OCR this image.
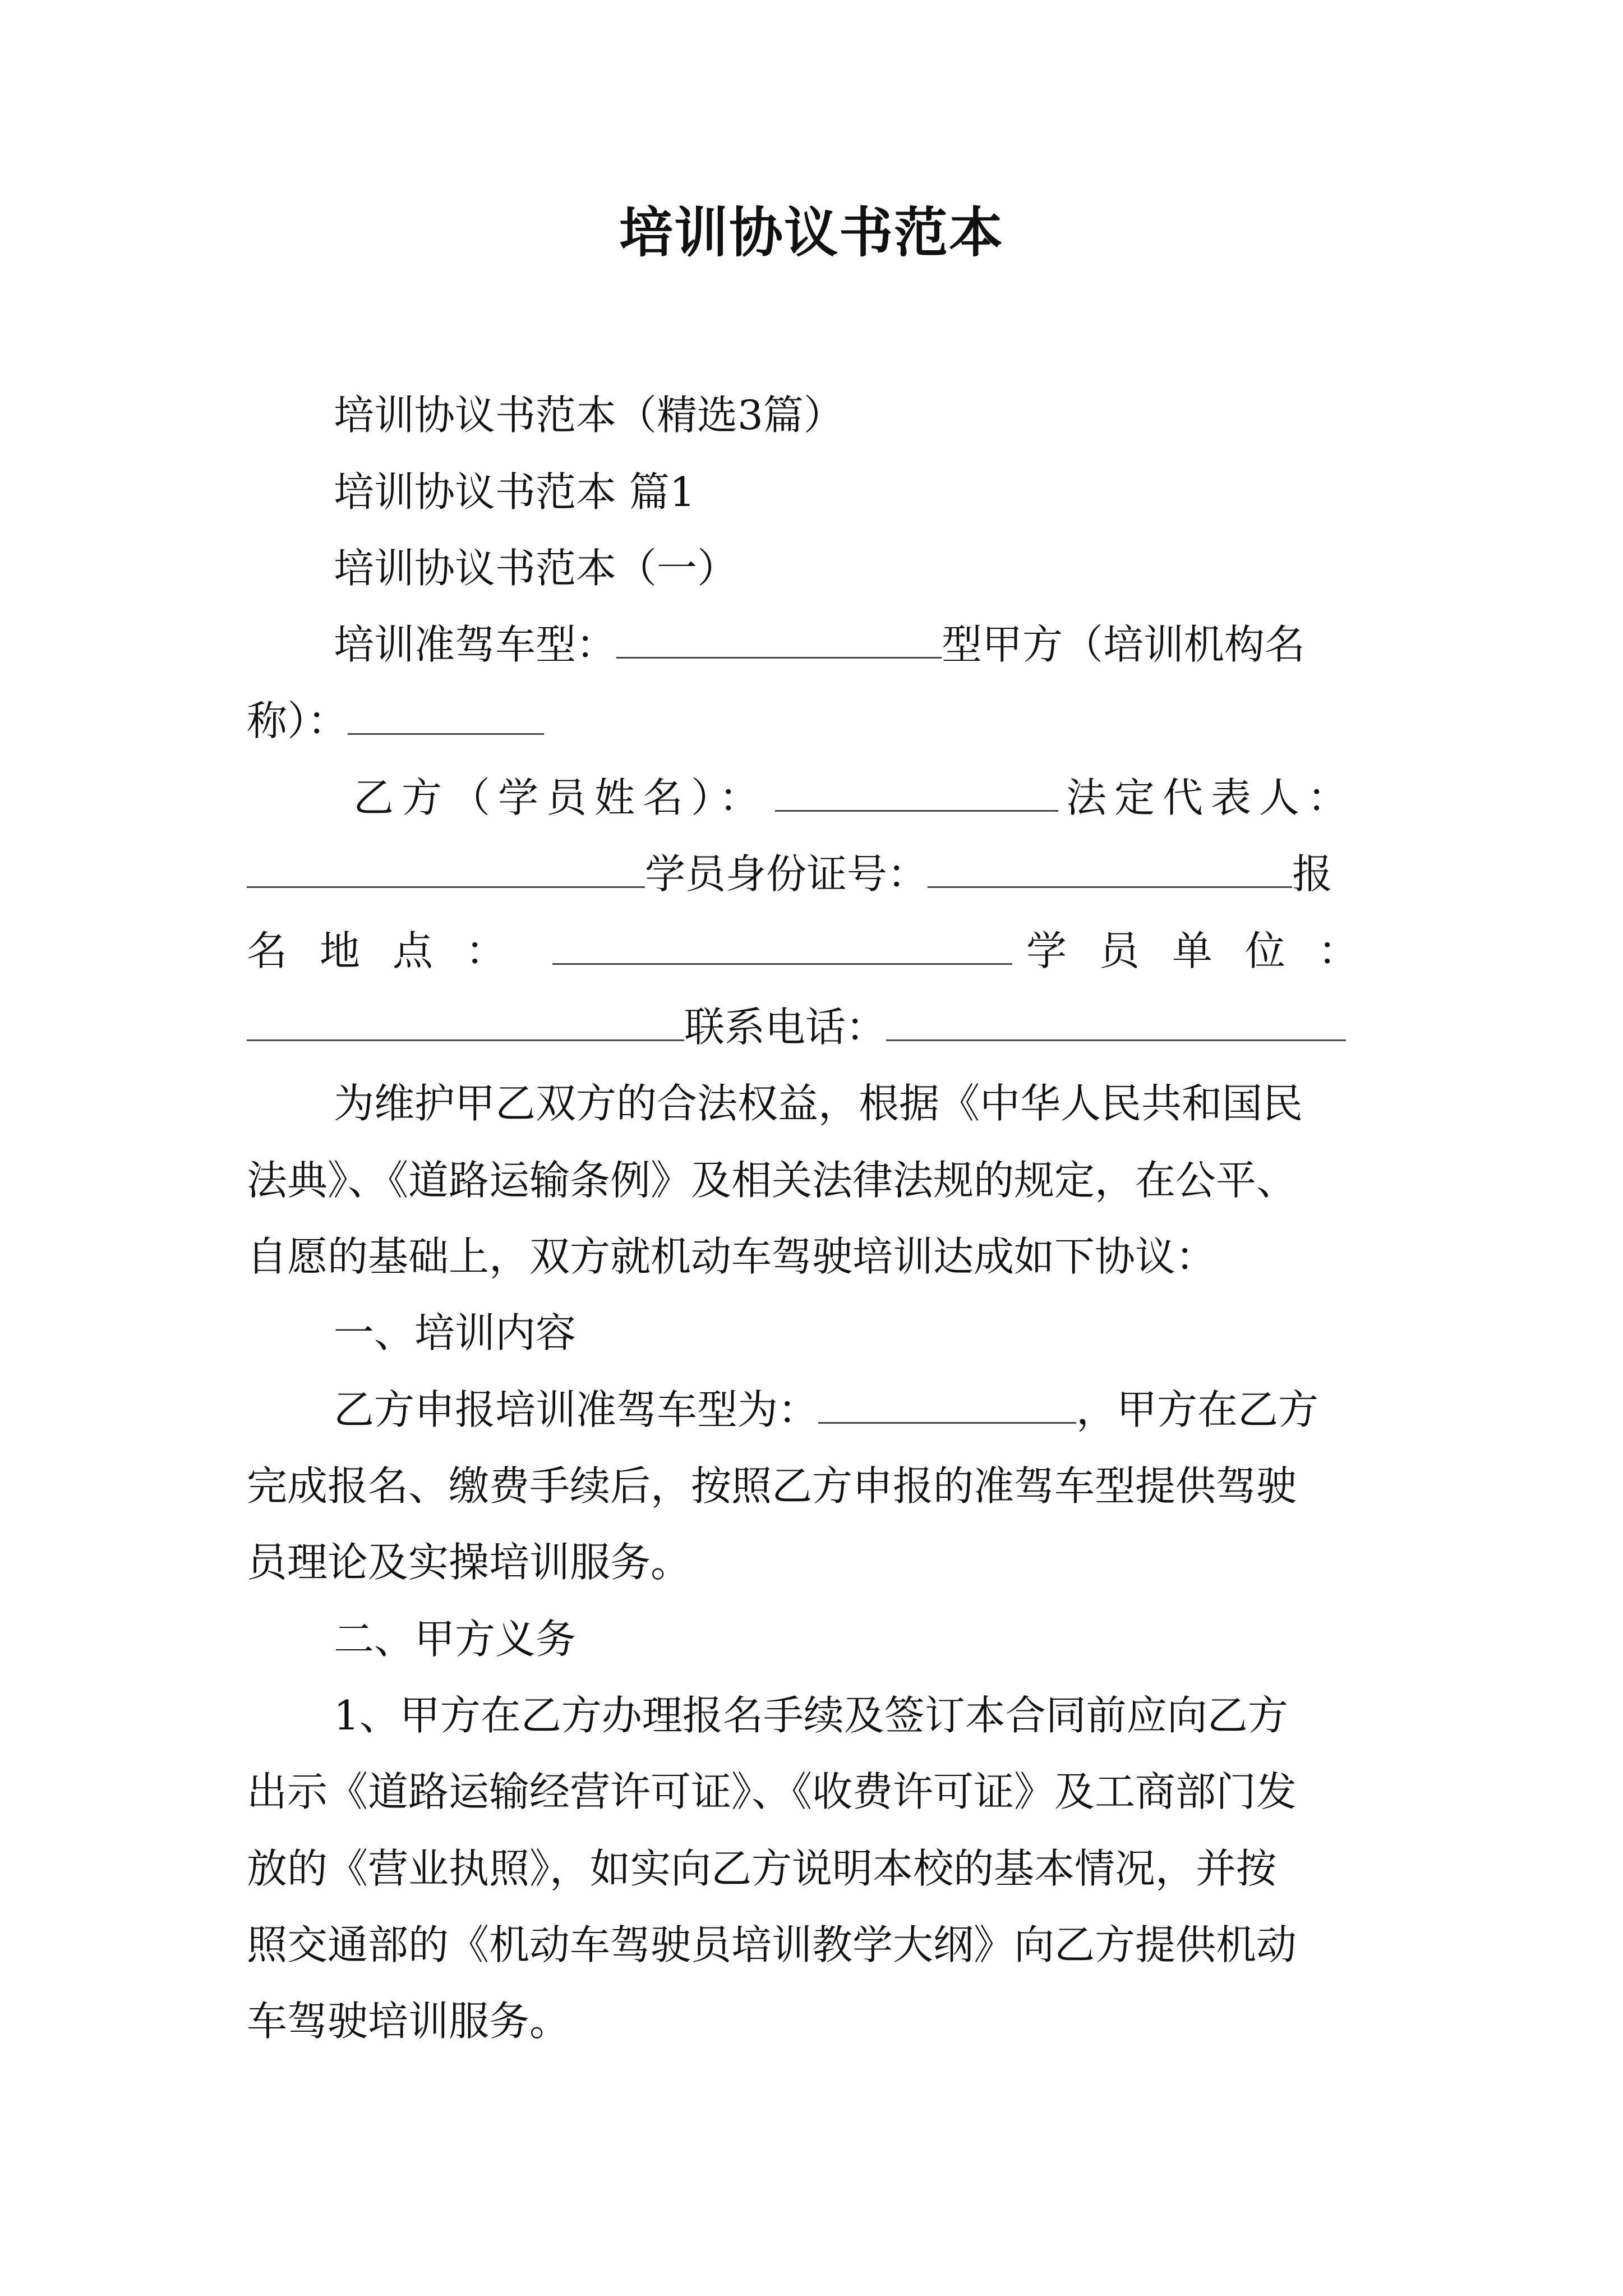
培训协议书范本
培训协议书范本（精选3篇）
培训协议书范本 篇1
培训协议书范本（一）
培训准驾车型：	型甲方（培训机构名
称）：
乙方（学员姓名）：	法定代表人：
学员身份证号：	报
名地点：	学员单位：
联系电话：
为维护甲乙双方的合法权益，根据《中华人民共和国民
法典》、《道路运输条例》及相关法律法规的规定，在公平、
自愿的基础上，双方就机动车驾驶培训达成如下协议：
一、培训内容
乙方申报培训准驾车型为：	，甲方在乙方
完成报名、缴费手续后，按照乙方申报的准驾车型提供驾驶
员理论及实操培训服务。
二、甲方义务
1、甲方在乙方办理报名手续及签订本合同前应向乙方
出示《道路运输经营许可证》、《收费许可证》及工商部门发
放的《营业执照》，如实向乙方说明本校的基本情况，并按
照交通部的《机动车驾驶员培训教学大纲》向乙方提供机动
车驾驶培训服务。
